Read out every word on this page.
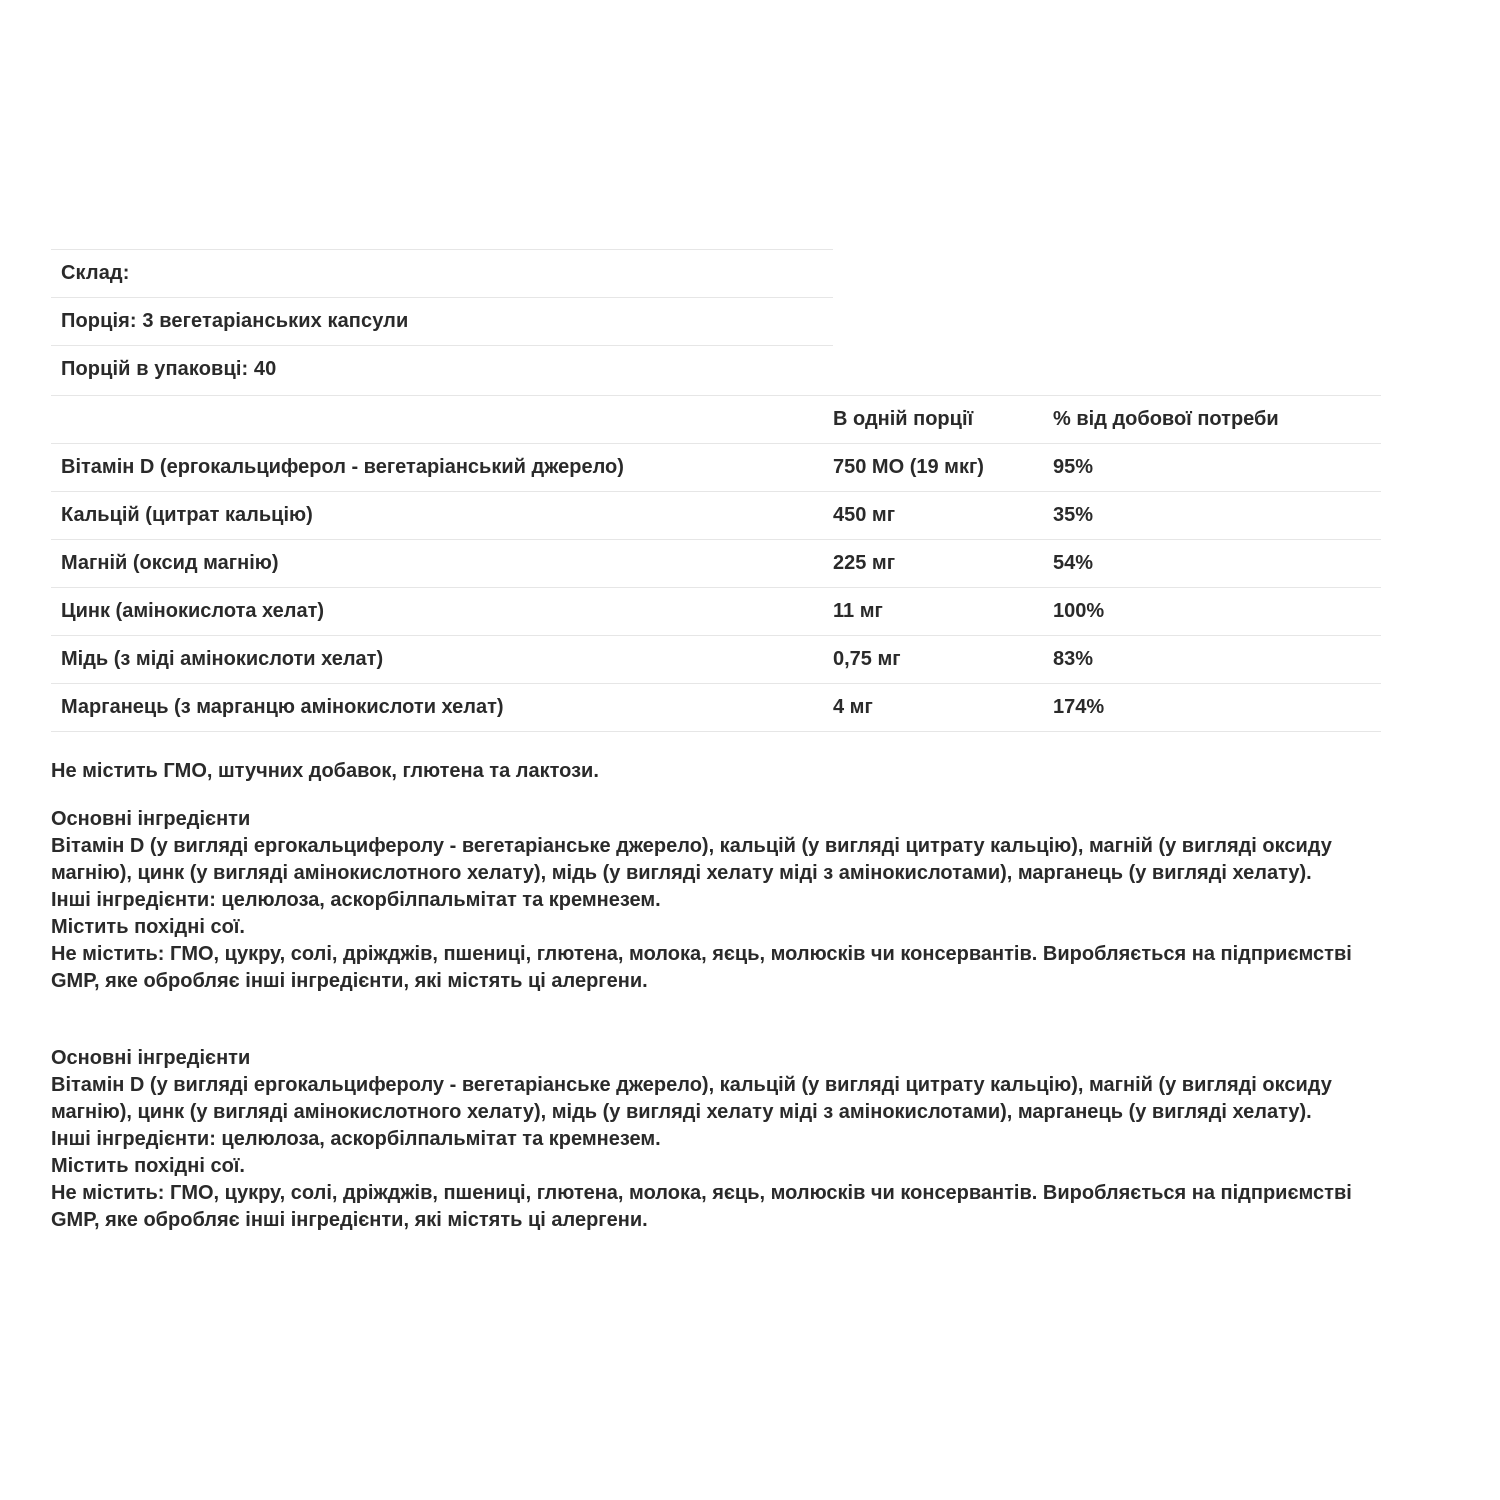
Склад:
Порція: 3 вегетаріанських капсули
Порцій в упаковці: 40
	В одній порції	% від добової потреби
Вітамін D (ергокальциферол - вегетаріанський джерело)	750 МО (19 мкг)	95%
Кальцій (цитрат кальцію)	450 мг	35%
Магній (оксид магнію)	225 мг	54%
Цинк (амінокислота хелат)	11 мг	100%
Мідь (з міді амінокислоти хелат)	0,75 мг	83%
Марганець (з марганцю амінокислоти хелат)	4 мг	174%

Не містить ГМО, штучних добавок, глютена та лактози.

Основні інгредієнти

Вітамін D (у вигляді ергокальциферолу - вегетаріанське джерело), кальцій (у вигляді цитрату кальцію), магній (у вигляді оксиду магнію), цинк (у вигляді амінокислотного хелату), мідь (у вигляді хелату міді з амінокислотами), марганець (у вигляді хелату).

Інші інгредієнти: целюлоза, аскорбілпальмітат та кремнезем.

Містить похідні сої.

Не містить: ГМО, цукру, солі, дріжджів, пшениці, глютена, молока, яєць, молюсків чи консервантів. Виробляється на підприємстві GMP, яке обробляє інші інгредієнти, які містять ці алергени.

Основні інгредієнти

Вітамін D (у вигляді ергокальциферолу - вегетаріанське джерело), кальцій (у вигляді цитрату кальцію), магній (у вигляді оксиду магнію), цинк (у вигляді амінокислотного хелату), мідь (у вигляді хелату міді з амінокислотами), марганець (у вигляді хелату).

Інші інгредієнти: целюлоза, аскорбілпальмітат та кремнезем.

Містить похідні сої.

Не містить: ГМО, цукру, солі, дріжджів, пшениці, глютена, молока, яєць, молюсків чи консервантів. Виробляється на підприємстві GMP, яке обробляє інші інгредієнти, які містять ці алергени.
